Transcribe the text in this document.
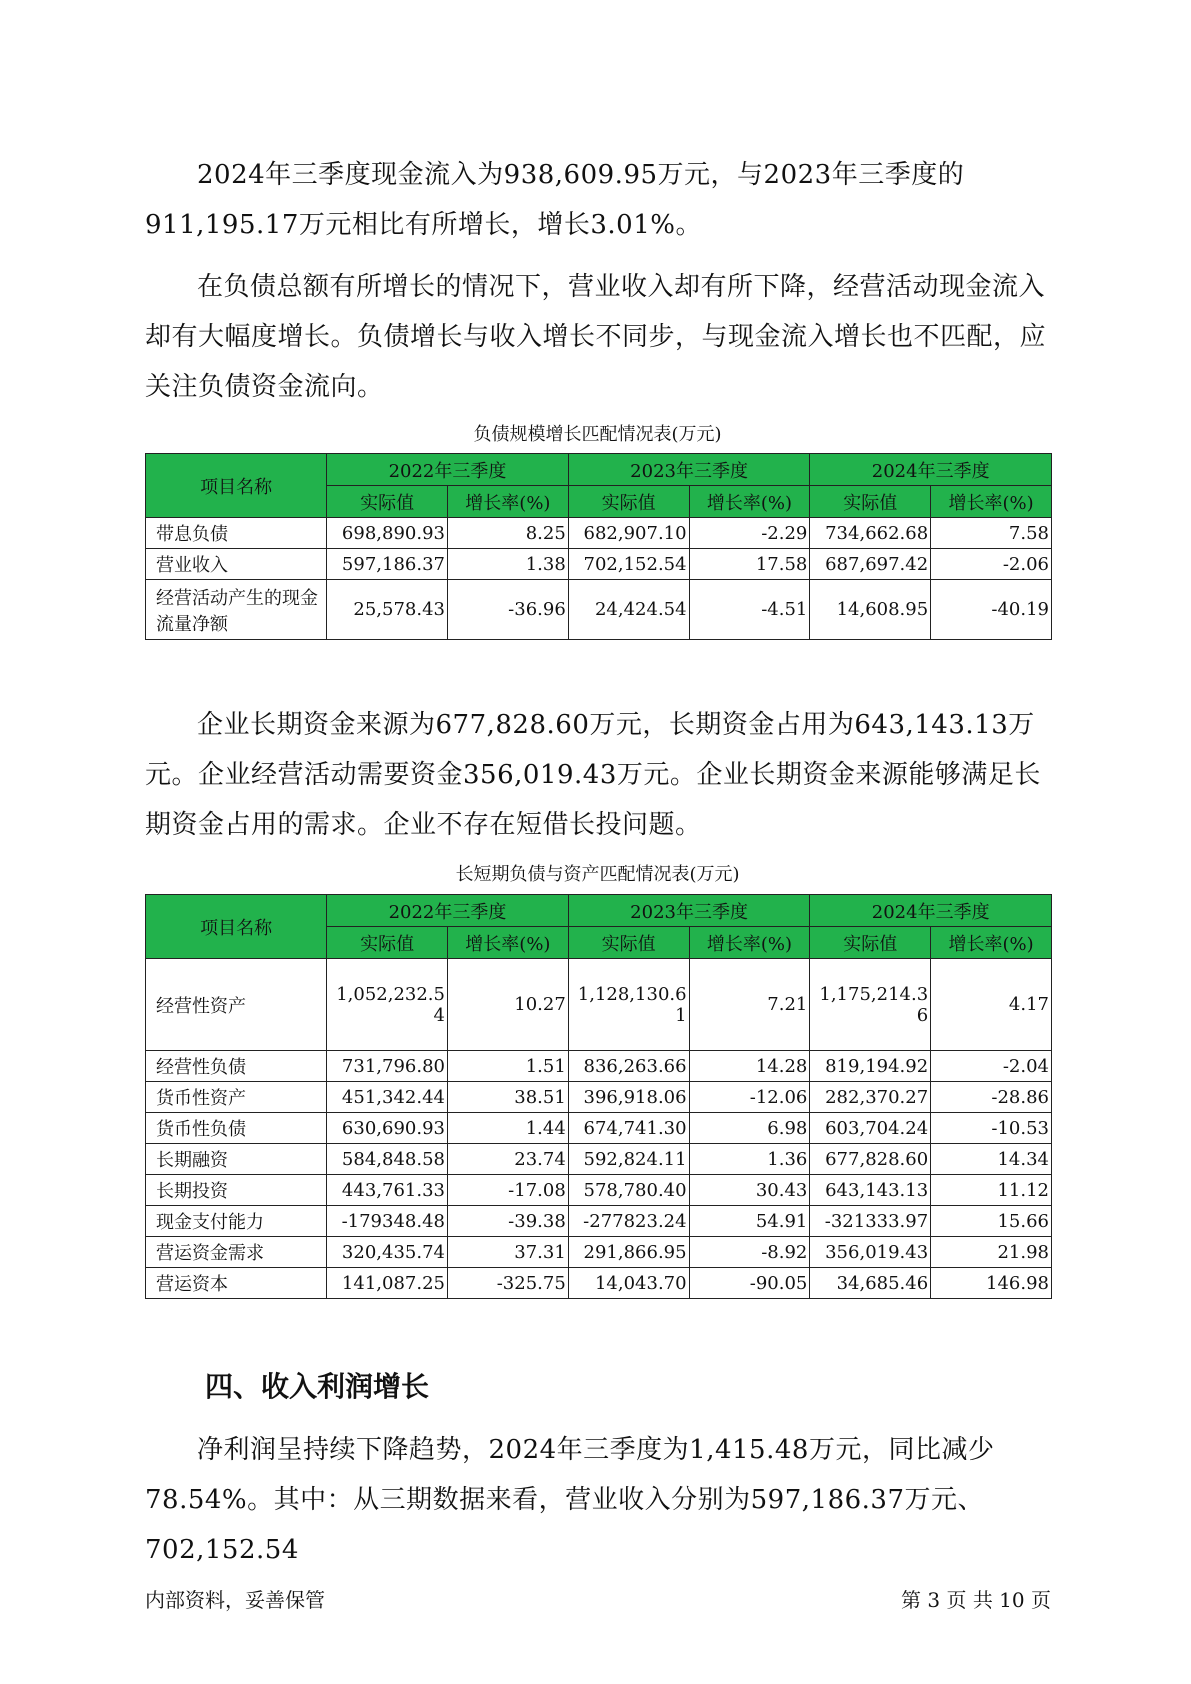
2024年三季度现金流入为938,609.95万元，与2023年三季度的911,195.17万元相比有所增长，增长3.01%。

在负债总额有所增长的情况下，营业收入却有所下降，经营活动现金流入却有大幅度增长。负债增长与收入增长不同步，与现金流入增长也不匹配，应关注负债资金流向。

负债规模增长匹配情况表(万元)
项目名称	2022年三季度		2023年三季度		2024年三季度	
	实际值	增长率(%)	实际值	增长率(%)	实际值	增长率(%)
带息负债	698,890.93	8.25	682,907.10	-2.29	734,662.68	7.58
营业收入	597,186.37	1.38	702,152.54	17.58	687,697.42	-2.06
经营活动产生的现金流量净额	25,578.43	-36.96	24,424.54	-4.51	14,608.95	-40.19

企业长期资金来源为677,828.60万元，长期资金占用为643,143.13万元。企业经营活动需要资金356,019.43万元。企业长期资金来源能够满足长期资金占用的需求。企业不存在短借长投问题。

长短期负债与资产匹配情况表(万元)
项目名称	2022年三季度		2023年三季度		2024年三季度	
	实际值	增长率(%)	实际值	增长率(%)	实际值	增长率(%)
经营性资产	1,052,232.54	10.27	1,128,130.61	7.21	1,175,214.36	4.17
经营性负债	731,796.80	1.51	836,263.66	14.28	819,194.92	-2.04
货币性资产	451,342.44	38.51	396,918.06	-12.06	282,370.27	-28.86
货币性负债	630,690.93	1.44	674,741.30	6.98	603,704.24	-10.53
长期融资	584,848.58	23.74	592,824.11	1.36	677,828.60	14.34
长期投资	443,761.33	-17.08	578,780.40	30.43	643,143.13	11.12
现金支付能力	-179348.48	-39.38	-277823.24	54.91	-321333.97	15.66
营运资金需求	320,435.74	37.31	291,866.95	-8.92	356,019.43	21.98
营运资本	141,087.25	-325.75	14,043.70	-90.05	34,685.46	146.98
四、收入利润增长

净利润呈持续下降趋势，2024年三季度为1,415.48万元，同比减少78.54%。其中：从三期数据来看，营业收入分别为597,186.37万元、702,152.54

内部资料，妥善保管	第 3 页 共 10 页
